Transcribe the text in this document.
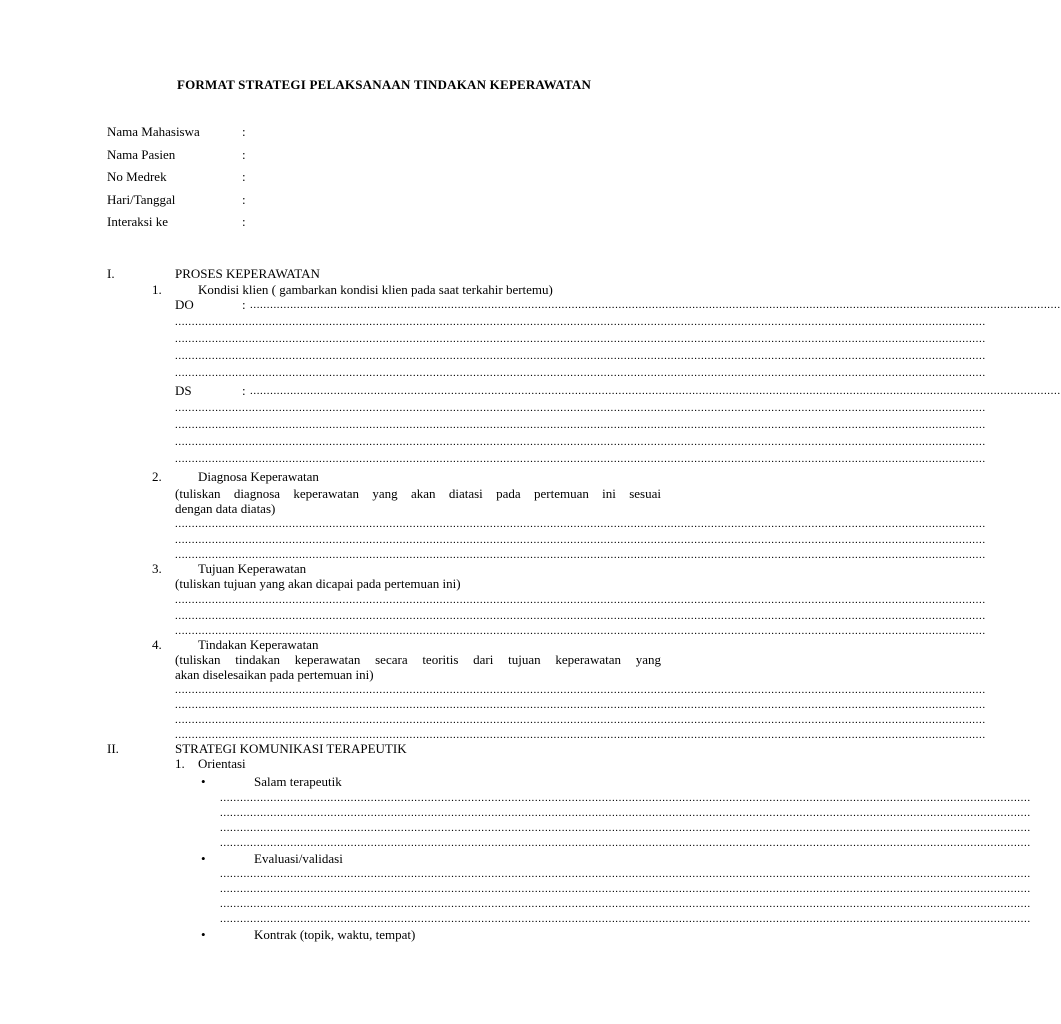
FORMAT STRATEGI PELAKSANAAN TINDAKAN KEPERAWATAN
Nama Mahasiswa	:
Nama Pasien	:
No Medrek	:
Hari/Tanggal	:
Interaksi ke	:
I.	PROSES KEPERAWATAN
1.	Kondisi klien ( gambarkan kondisi klien pada saat terkahir bertemu)
DO	: ..................................................................................................................................................................................................................................................
..................................................................................................................................................................................................................................................
..................................................................................................................................................................................................................................................
..................................................................................................................................................................................................................................................
..................................................................................................................................................................................................................................................
DS	: ..................................................................................................................................................................................................................................................
..................................................................................................................................................................................................................................................
..................................................................................................................................................................................................................................................
..................................................................................................................................................................................................................................................
..................................................................................................................................................................................................................................................
2.	Diagnosa Keperawatan
(tuliskan diagnosa keperawatan yang akan diatasi pada pertemuan ini sesuai
dengan data diatas)
..................................................................................................................................................................................................................................................
..................................................................................................................................................................................................................................................
..................................................................................................................................................................................................................................................
3.	Tujuan Keperawatan
(tuliskan tujuan yang akan dicapai pada pertemuan ini)
..................................................................................................................................................................................................................................................
..................................................................................................................................................................................................................................................
..................................................................................................................................................................................................................................................
4.	Tindakan Keperawatan
(tuliskan tindakan keperawatan secara teoritis dari tujuan keperawatan yang
akan diselesaikan pada pertemuan ini)
..................................................................................................................................................................................................................................................
..................................................................................................................................................................................................................................................
..................................................................................................................................................................................................................................................
..................................................................................................................................................................................................................................................
II.	STRATEGI KOMUNIKASI TERAPEUTIK
1. Orientasi
•	Salam terapeutik
..................................................................................................................................................................................................................................................
..................................................................................................................................................................................................................................................
..................................................................................................................................................................................................................................................
..................................................................................................................................................................................................................................................
•	Evaluasi/validasi
..................................................................................................................................................................................................................................................
..................................................................................................................................................................................................................................................
..................................................................................................................................................................................................................................................
..................................................................................................................................................................................................................................................
•	Kontrak (topik, waktu, tempat)
